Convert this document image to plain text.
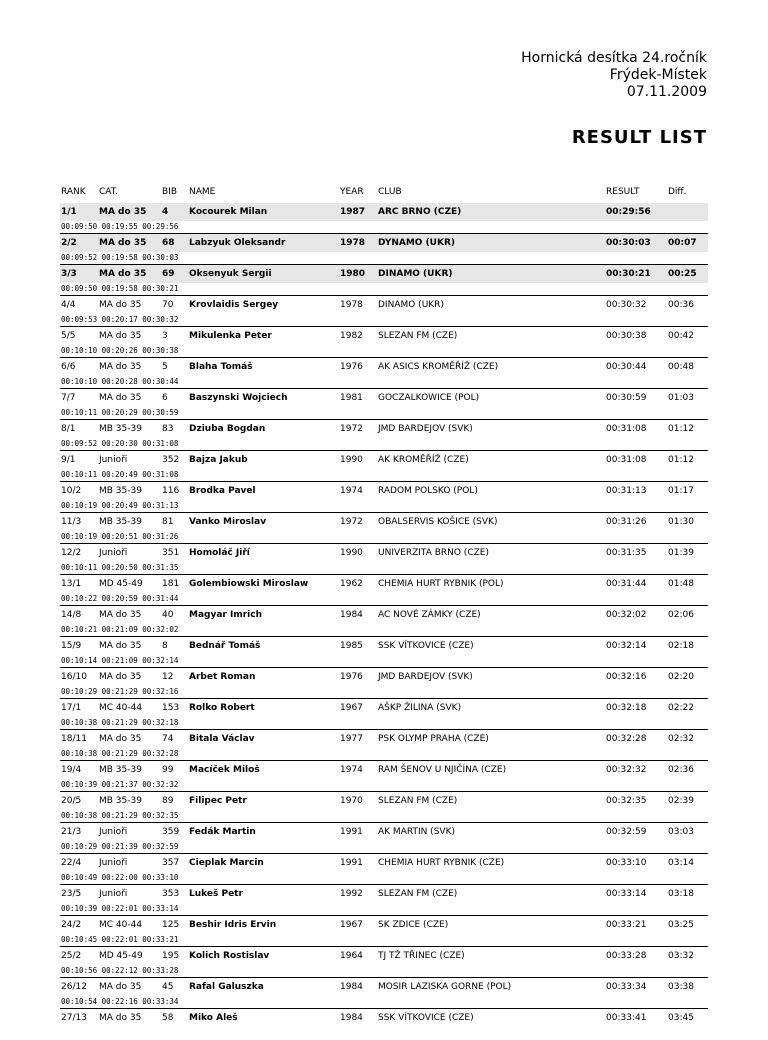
Hornická desítka 24.ročník
Frýdek-Místek
07.11.2009
RESULT LIST
RANK CAT.	BIB NAME	YEAR CLUB	RESULT	Diff.
1/1 MA do 35 4 Kocourek Milan	1987 ARC BRNO (CZE)	00:29:56
00:09:50 00:19:55 00:29:56
2/2 MA do 35 68 Labzyuk Oleksandr	1978 DYNAMO (UKR)	00:30:03 00:07
00:09:52 00:19:58 00:30:03
3/3 MA do 35 69 Oksenyuk Sergii	1980 DINAMO (UKR)	00:30:21 00:25
00:09:50 00:19:58 00:30:21
4/4	MA do 35 70 Krovlaidis Sergey	1978 DINAMO (UKR)	00:30:32 00:36
00:09:53 00:20:17 00:30:32
5/5	MA do 35 3 Mikulenka Peter	1982 SLEZAN FM (CZE)	00:30:38 00:42
00:10:10 00:20:26 00:30:38
6/6	MA do 35 5 Blaha Tomáš	1976 AK ASICS KROMĚŘÍŽ (CZE)	00:30:44 00:48
00:10:10 00:20:28 00:30:44
7/7	MA do 35 6 Baszynski Wojciech	1981 GOCZALKOWICE (POL)	00:30:59 01:03
00:10:11 00:20:29 00:30:59
8/1	MB 35-39 83 Dziuba Bogdan	1972 JMD BARDEJOV (SVK)	00:31:08 01:12
00:09:52 00:20:30 00:31:08
9/1	Junioři	352 Bajza Jakub	1990 AK KROMĚŘÍŽ (CZE)	00:31:08 01:12
00:10:11 00:20:49 00:31:08
10/2 MB 35-39 116 Brodka Pavel	1974 RADOM POLSKO (POL)	00:31:13 01:17
00:10:19 00:20:49 00:31:13
11/3 MB 35-39 81 Vanko Miroslav	1972 OBALSERVIS KOŠICE (SVK)	00:31:26 01:30
00:10:19 00:20:51 00:31:26
12/2 Junioři	351 Homoláč Jiří	1990 UNIVERZITA BRNO (CZE)	00:31:35 01:39
00:10:11 00:20:50 00:31:35
13/1 MD 45-49 181 Golembiowski Miroslaw	1962 CHEMIA HURT RYBNIK (POL)	00:31:44 01:48
00:10:22 00:20:59 00:31:44
14/8 MA do 35 40 Magyar Imrich	1984 AC NOVÉ ZÁMKY (CZE)	00:32:02 02:06
00:10:21 00:21:09 00:32:02
15/9 MA do 35 8 Bednář Tomáš	1985 SSK VÍTKOVICE (CZE)	00:32:14 02:18
00:10:14 00:21:09 00:32:14
16/10 MA do 35 12 Arbet Roman	1976 JMD BARDEJOV (SVK)	00:32:16 02:20
00:10:29 00:21:29 00:32:16
17/1 MC 40-44 153 Rolko Robert	1967 AŠKP ŽILINA (SVK)	00:32:18 02:22
00:10:38 00:21:29 00:32:18
18/11 MA do 35 74 Bitala Václav	1977 PSK OLYMP PRAHA (CZE)	00:32:28 02:32
00:10:38 00:21:29 00:32:28
19/4 MB 35-39 99 Macíček Miloš	1974 RAM ŠENOV U NJIČÍNA (CZE)	00:32:32 02:36
00:10:39 00:21:37 00:32:32
20/5 MB 35-39 89 Filipec Petr	1970 SLEZAN FM (CZE)	00:32:35 02:39
00:10:38 00:21:29 00:32:35
21/3 Junioři	359 Fedák Martin	1991 AK MARTIN (SVK)	00:32:59 03:03
00:10:29 00:21:39 00:32:59
22/4 Junioři	357 Cieplak Marcin	1991 CHEMIA HURT RYBNIK (CZE)	00:33:10 03:14
00:10:49 00:22:00 00:33:10
23/5 Junioři	353 Lukeš Petr	1992 SLEZAN FM (CZE)	00:33:14 03:18
00:10:39 00:22:01 00:33:14
24/2 MC 40-44 125 Beshir Idris Ervin	1967 SK ZDICE (CZE)	00:33:21 03:25
00:10:45 00:22:01 00:33:21
25/2 MD 45-49 195 Kolich Rostislav	1964 TJ TŽ TŘINEC (CZE)	00:33:28 03:32
00:10:56 00:22:12 00:33:28
26/12 MA do 35 45 Rafal Galuszka	1984 MOSIR LAZISKA GORNE (POL)	00:33:34 03:38
00:10:54 00:22:16 00:33:34
27/13 MA do 35 58 Miko Aleš	1984 SSK VÍTKOVICE (CZE)	00:33:41 03:45
